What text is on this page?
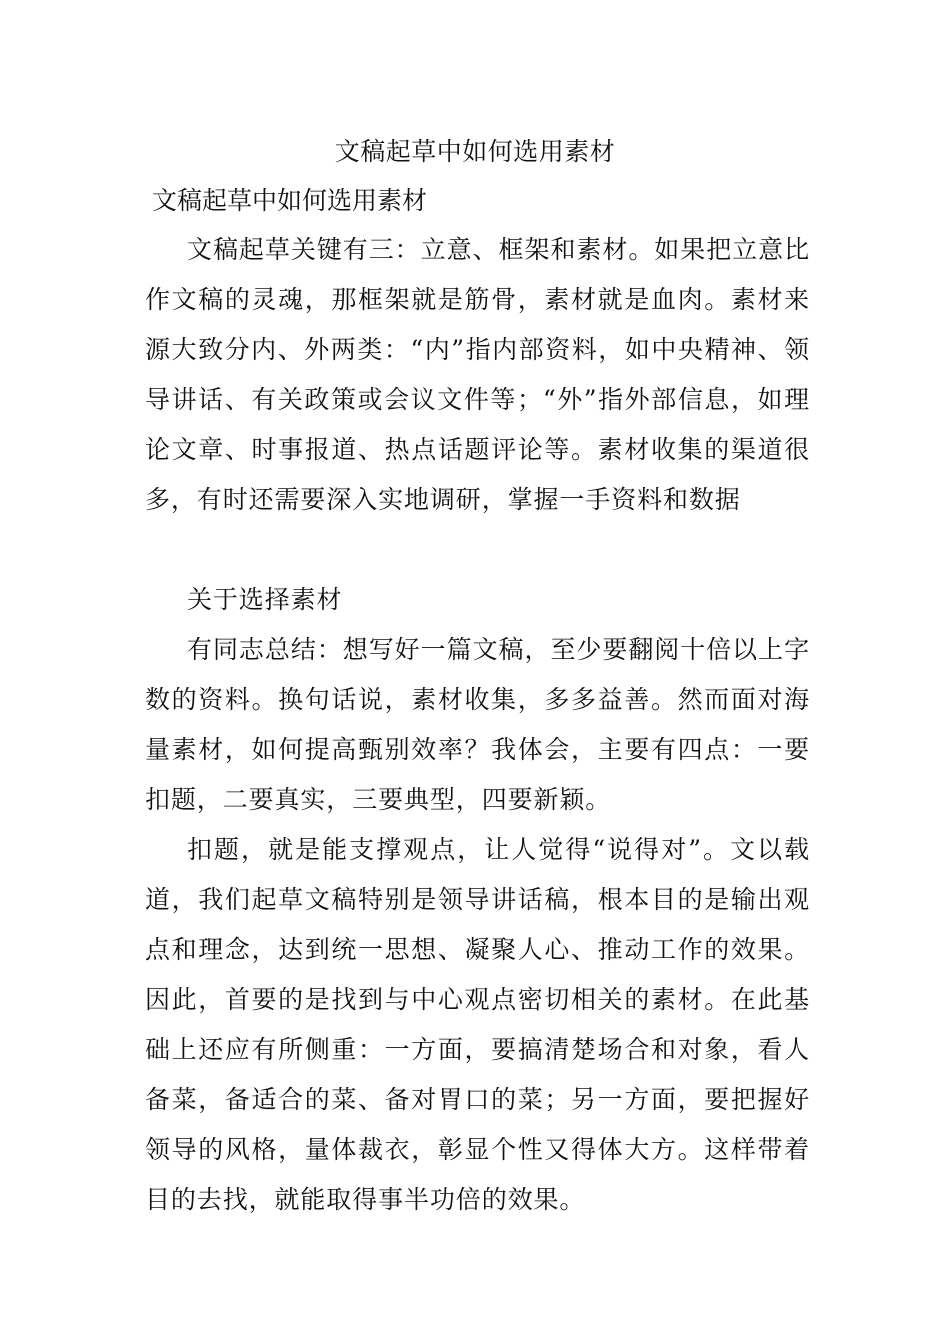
文稿起草中如何选用素材
文稿起草中如何选用素材

文稿起草关键有三：立意、框架和素材。如果把立意比作文稿的灵魂，那框架就是筋骨，素材就是血肉。素材来源大致分内、外两类：“内”指内部资料，如中央精神、领导讲话、有关政策或会议文件等；“外”指外部信息，如理论文章、时事报道、热点话题评论等。素材收集的渠道很多，有时还需要深入实地调研，掌握一手资料和数据

关于选择素材

有同志总结：想写好一篇文稿，至少要翻阅十倍以上字数的资料。换句话说，素材收集，多多益善。然而面对海量素材，如何提高甄别效率？我体会，主要有四点：一要扣题，二要真实，三要典型，四要新颖。

扣题，就是能支撑观点，让人觉得“说得对”。文以载道，我们起草文稿特别是领导讲话稿，根本目的是输出观点和理念，达到统一思想、凝聚人心、推动工作的效果。因此，首要的是找到与中心观点密切相关的素材。在此基础上还应有所侧重：一方面，要搞清楚场合和对象，看人备菜，备适合的菜、备对胃口的菜；另一方面，要把握好领导的风格，量体裁衣，彰显个性又得体大方。这样带着目的去找，就能取得事半功倍的效果。
